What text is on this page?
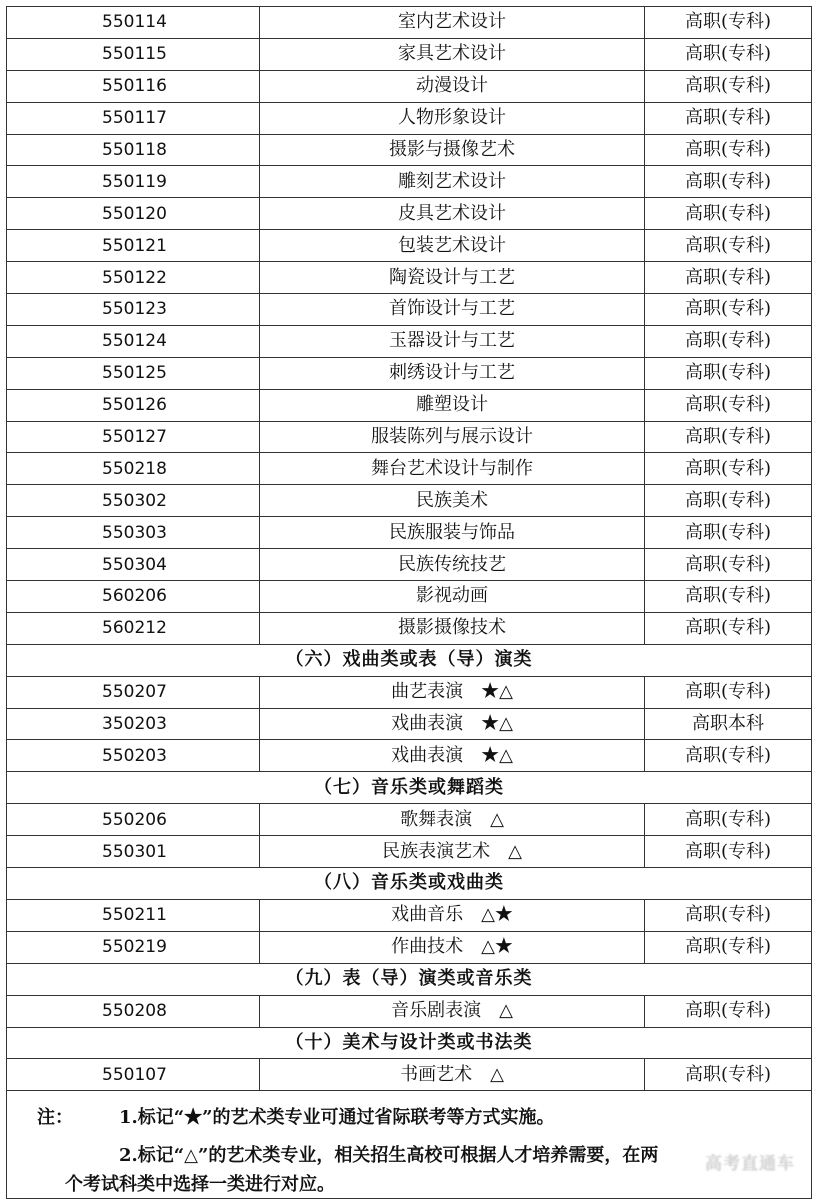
550114	室内艺术设计	高职(专科)
550115	家具艺术设计	高职(专科)
550116	动漫设计	高职(专科)
550117	人物形象设计	高职(专科)
550118	摄影与摄像艺术	高职(专科)
550119	雕刻艺术设计	高职(专科)
550120	皮具艺术设计	高职(专科)
550121	包装艺术设计	高职(专科)
550122	陶瓷设计与工艺	高职(专科)
550123	首饰设计与工艺	高职(专科)
550124	玉器设计与工艺	高职(专科)
550125	刺绣设计与工艺	高职(专科)
550126	雕塑设计	高职(专科)
550127	服装陈列与展示设计	高职(专科)
550218	舞台艺术设计与制作	高职(专科)
550302	民族美术	高职(专科)
550303	民族服装与饰品	高职(专科)
550304	民族传统技艺	高职(专科)
560206	影视动画	高职(专科)
560212	摄影摄像技术	高职(专科)
（六）戏曲类或表（导）演类		
550207	曲艺表演　★△	高职(专科)
350203	戏曲表演　★△	高职本科
550203	戏曲表演　★△	高职(专科)
（七）音乐类或舞蹈类		
550206	歌舞表演　△	高职(专科)
550301	民族表演艺术　△	高职(专科)
（八）音乐类或戏曲类		
550211	戏曲音乐　△★	高职(专科)
550219	作曲技术　△★	高职(专科)
（九）表（导）演类或音乐类		
550208	音乐剧表演　△	高职(专科)
（十）美术与设计类或书法类		
550107	书画艺术　△	高职(专科)
注：	1.标记“★”的艺术类专业可通过省际联考等方式实施。
2.标记“△”的艺术类专业，相关招生高校可根据人才培养需要，在两
个考试科类中选择一类进行对应。
高考直通车
